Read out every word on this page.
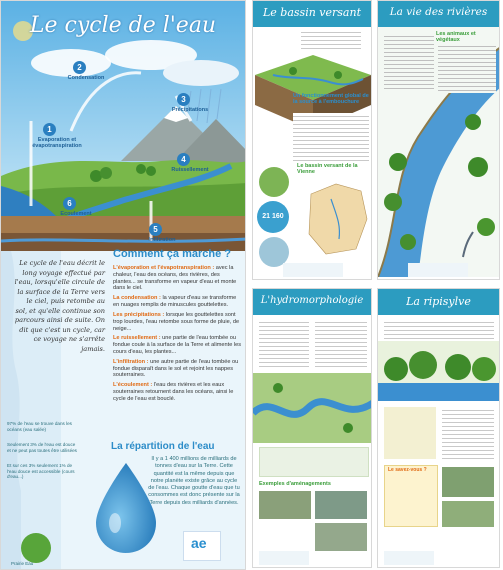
Le cycle de l'eau
1
Evaporation et évapotranspiration
2
Condensation
3
Précipitations
4
Ruissellement
5
Infiltration
6
Ecoulement
Le cycle de l'eau décrit le long voyage effectué par l'eau, lorsqu'elle circule de la surface de la Terre vers le ciel, puis retombe au sol, et qu'elle continue son parcours ainsi de suite. On dit que c'est un cycle, car ce voyage ne s'arrête jamais.
Comment ça marche ?
L'évaporation et l'évapotranspiration : avec la chaleur, l'eau des océans, des rivières, des plantes... se transforme en vapeur d'eau et monte dans le ciel.
La condensation : la vapeur d'eau se transforme en nuages remplis de minuscules gouttelettes.
Les précipitations : lorsque les gouttelettes sont trop lourdes, l'eau retombe sous forme de pluie, de neige...
Le ruissellement : une partie de l'eau tombée ou fondue coule à la surface de la Terre et alimente les cours d'eau, les plantes...
L'infiltration : une autre partie de l'eau tombée ou fondue disparaît dans le sol et rejoint les nappes souterraines.
L'écoulement : l'eau des rivières et les eaux souterraines retournent dans les océans, ainsi le cycle de l'eau est bouclé.
97% de l'eau se trouve dans les océans (eau salée)
Seulement 3% de l'eau est douce et ne peut pas toutes être utilisées
Et sur ces 3% seulement 1% de l'eau douce est accessible (cours d'eau...)
La répartition de l'eau
Il y a 1 400 millions de milliards de tonnes d'eau sur la Terre. Cette quantité est la même depuis que notre planète existe grâce au cycle de l'eau. Chaque goutte d'eau que tu consommes est donc présente sur la Terre depuis des milliards d'années.
Prairie Eau
ae
Le bassin versant
Un fonctionnement global de la source à l'embouchure
Le bassin versant de la Vienne
21 160
La vie des rivières
Les animaux et végétaux
L'hydromorphologie
Exemples d'aménagements
La ripisylve
Le savez-vous ?
